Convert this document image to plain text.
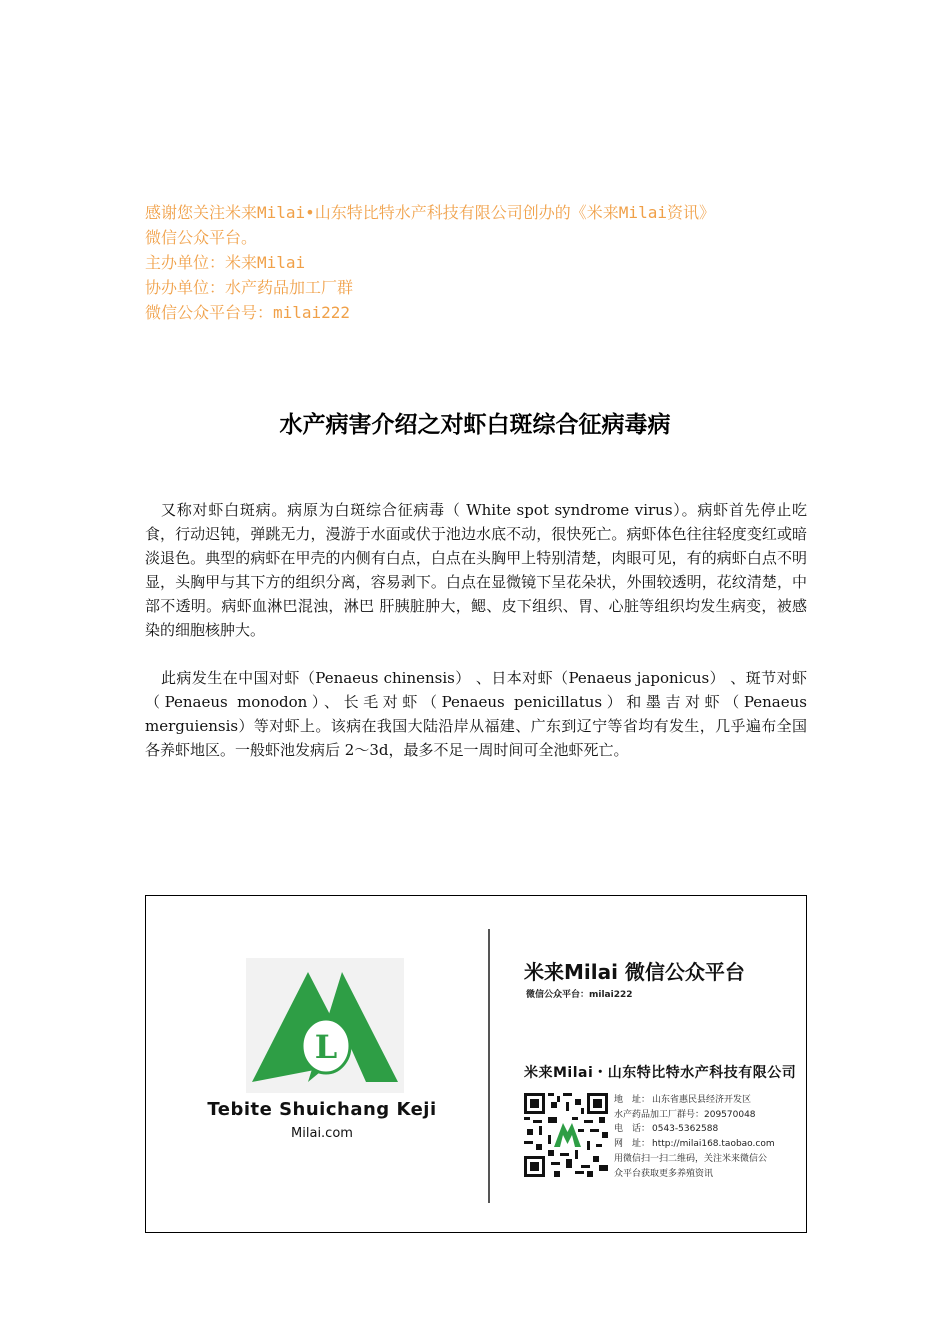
感谢您关注米来Milai•山东特比特水产科技有限公司创办的《米来Milai资讯》

微信公众平台。

主办单位：米来Milai

协办单位：水产药品加工厂群

微信公众平台号：milai222

水产病害介绍之对虾白斑综合征病毒病

又称对虾白斑病。病原为白斑综合征病毒（ White spot syndrome virus）。病虾首先停止吃食，行动迟钝，弹跳无力，漫游于水面或伏于池边水底不动，很快死亡。病虾体色往往轻度变红或暗淡退色。典型的病虾在甲壳的内侧有白点，白点在头胸甲上特别清楚，肉眼可见，有的病虾白点不明显，头胸甲与其下方的组织分离，容易剥下。白点在显微镜下呈花朵状，外围较透明，花纹清楚，中部不透明。病虾血淋巴混浊，淋巴 肝胰脏肿大，鳃、皮下组织、胃、心脏等组织均发生病变，被感染的细胞核肿大。

此病发生在中国对虾（Penaeus chinensis） 、日本对虾（Penaeus japonicus） 、斑节对虾（Penaeus monodon）、长毛对虾（Penaeus penicillatus）和墨吉对虾（Penaeus merguiensis）等对虾上。该病在我国大陆沿岸从福建、广东到辽宁等省均有发生，几乎遍布全国各养虾地区。一般虾池发病后 2～3d，最多不足一周时间可全池虾死亡。

L
Tebite Shuichang Keji
Milai.com
米来Milai 微信公众平台
微信公众平台：milai222
米来Milai・山东特比特水产科技有限公司
地　址： 山东省惠民县经济开发区
水产药品加工厂群号：209570048
电　话： 0543-5362588
网　址： http://milai168.taobao.com
用微信扫一扫二维码，关注米来微信公
众平台获取更多养殖资讯
